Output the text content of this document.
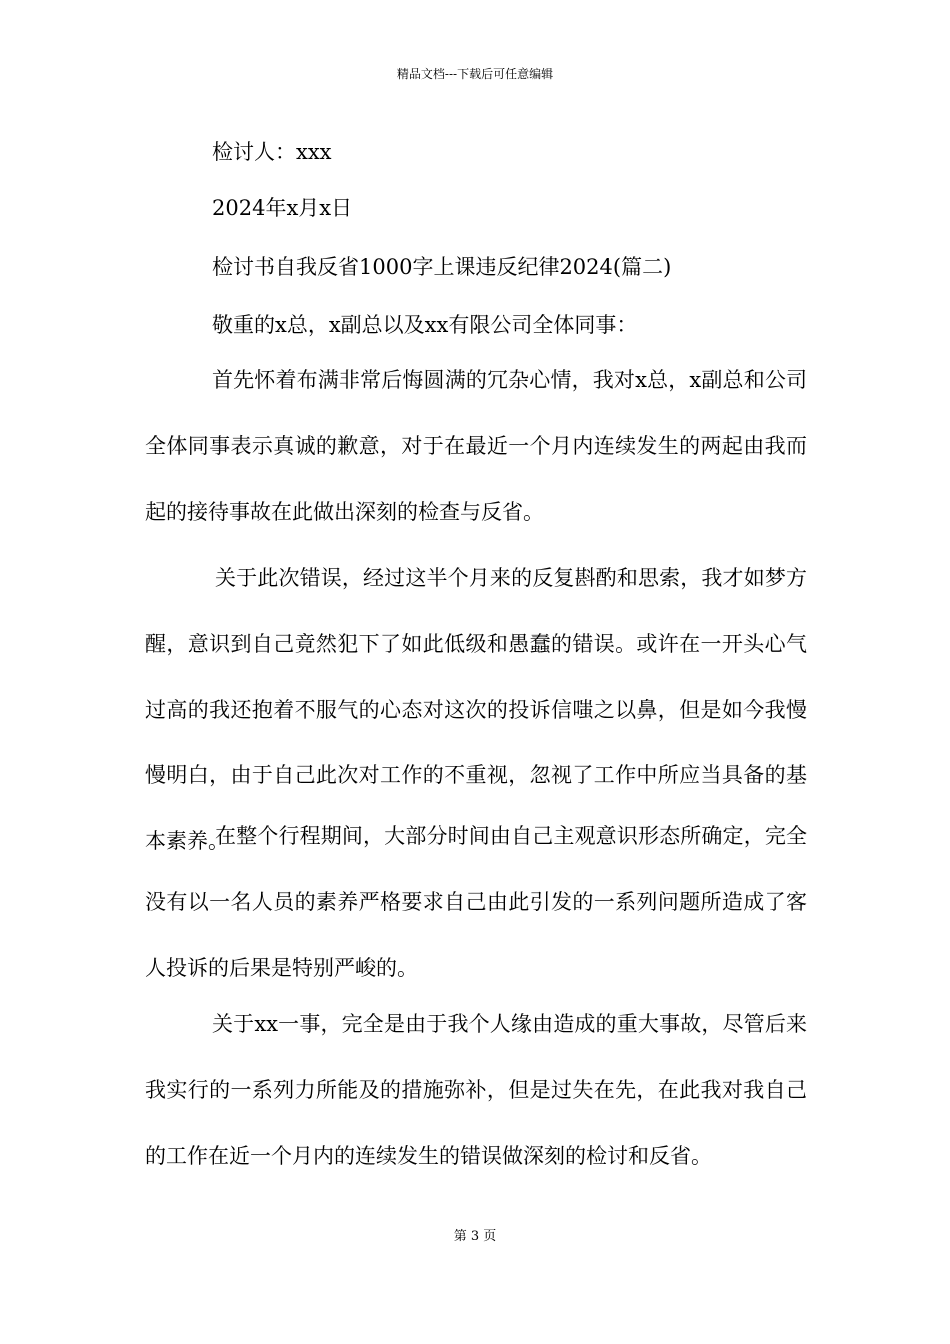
精品文档---下载后可任意编辑
检讨人：xxx
2024年x月x日
检讨书自我反省1000字上课违反纪律2024(篇二)
敬重的x总，x副总以及xx有限公司全体同事：

首先怀着布满非常后悔圆满的冗杂心情，我对x总，x副总和公司全体同事表示真诚的歉意，对于在最近一个月内连续发生的两起由我而起的接待事故在此做出深刻的检查与反省。

关于此次错误，经过这半个月来的反复斟酌和思索，我才如梦方醒，意识到自己竟然犯下了如此低级和愚蠢的错误。或许在一开头心气过高的我还抱着不服气的心态对这次的投诉信嗤之以鼻，但是如今我慢慢明白，由于自己此次对工作的不重视，忽视了工作中所应当具备的基本素养。

在整个行程期间，大部分时间由自己主观意识形态所确定，完全没有以一名人员的素养严格要求自己由此引发的一系列问题所造成了客人投诉的后果是特别严峻的。

关于xx一事，完全是由于我个人缘由造成的重大事故，尽管后来我实行的一系列力所能及的措施弥补，但是过失在先，在此我对我自己的工作在近一个月内的连续发生的错误做深刻的检讨和反省。

第 3 页
